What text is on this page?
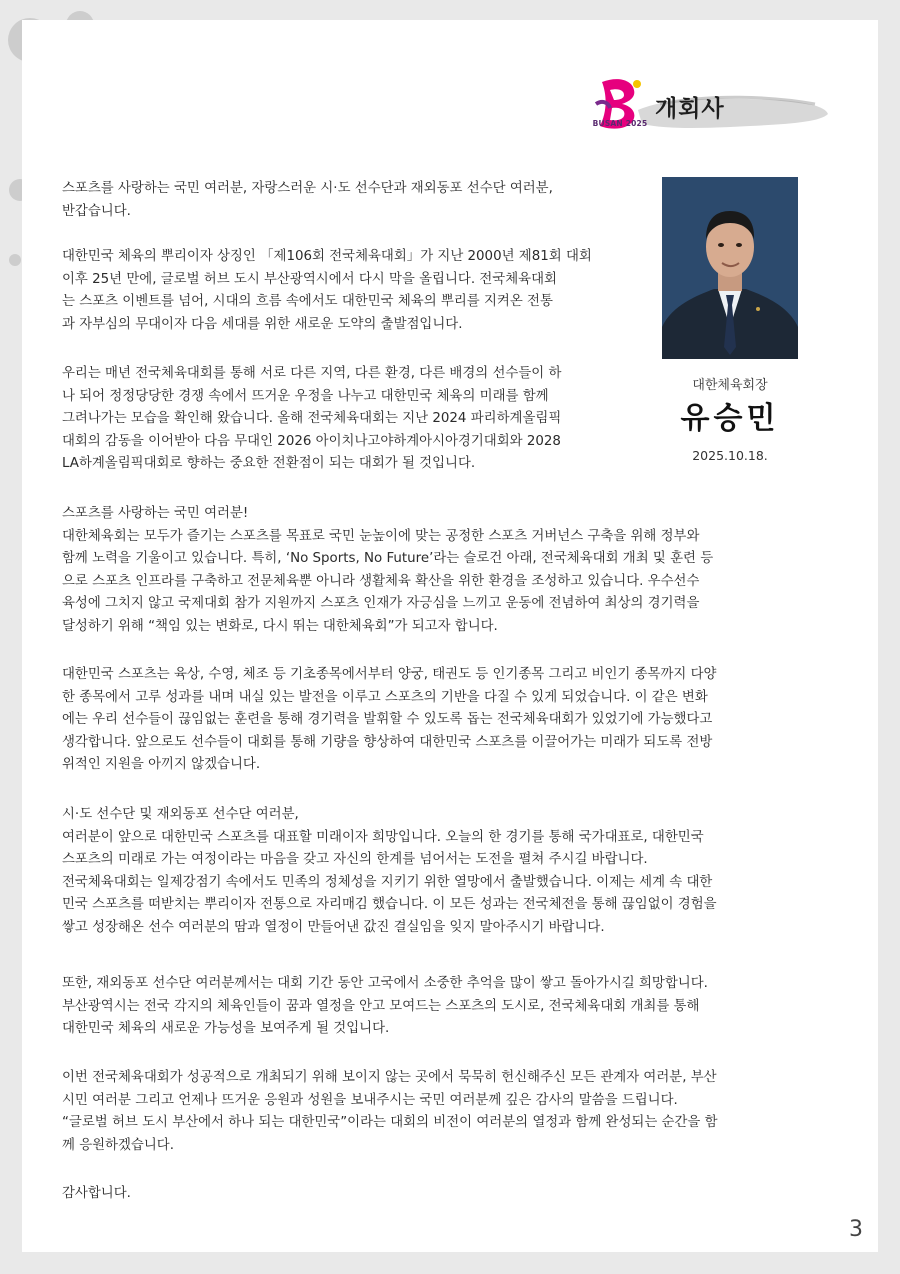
BUSAN 2025
개회사
대한체육회장
유승민
2025.10.18.

스포츠를 사랑하는 국민 여러분, 자랑스러운 시·도 선수단과 재외동포 선수단 여러분,
반갑습니다.

대한민국 체육의 뿌리이자 상징인 「제106회 전국체육대회」가 지난 2000년 제81회 대회
이후 25년 만에, 글로벌 허브 도시 부산광역시에서 다시 막을 올립니다. 전국체육대회
는 스포츠 이벤트를 넘어, 시대의 흐름 속에서도 대한민국 체육의 뿌리를 지켜온 전통
과 자부심의 무대이자 다음 세대를 위한 새로운 도약의 출발점입니다.

우리는 매년 전국체육대회를 통해 서로 다른 지역, 다른 환경, 다른 배경의 선수들이 하
나 되어 정정당당한 경쟁 속에서 뜨거운 우정을 나누고 대한민국 체육의 미래를 함께
그려나가는 모습을 확인해 왔습니다. 올해 전국체육대회는 지난 2024 파리하계올림픽
대회의 감동을 이어받아 다음 무대인 2026 아이치나고야하계아시아경기대회와 2028
LA하계올림픽대회로 향하는 중요한 전환점이 되는 대회가 될 것입니다.

스포츠를 사랑하는 국민 여러분!
대한체육회는 모두가 즐기는 스포츠를 목표로 국민 눈높이에 맞는 공정한 스포츠 거버넌스 구축을 위해 정부와
함께 노력을 기울이고 있습니다. 특히, ‘No Sports, No Future’라는 슬로건 아래, 전국체육대회 개최 및 훈련 등
으로 스포츠 인프라를 구축하고 전문체육뿐 아니라 생활체육 확산을 위한 환경을 조성하고 있습니다. 우수선수
육성에 그치지 않고 국제대회 참가 지원까지 스포츠 인재가 자긍심을 느끼고 운동에 전념하여 최상의 경기력을
달성하기 위해 “책임 있는 변화로, 다시 뛰는 대한체육회”가 되고자 합니다.

대한민국 스포츠는 육상, 수영, 체조 등 기초종목에서부터 양궁, 태권도 등 인기종목 그리고 비인기 종목까지 다양
한 종목에서 고루 성과를 내며 내실 있는 발전을 이루고 스포츠의 기반을 다질 수 있게 되었습니다. 이 같은 변화
에는 우리 선수들이 끊임없는 훈련을 통해 경기력을 발휘할 수 있도록 돕는 전국체육대회가 있었기에 가능했다고
생각합니다. 앞으로도 선수들이 대회를 통해 기량을 향상하여 대한민국 스포츠를 이끌어가는 미래가 되도록 전방
위적인 지원을 아끼지 않겠습니다.

시·도 선수단 및 재외동포 선수단 여러분,
여러분이 앞으로 대한민국 스포츠를 대표할 미래이자 희망입니다. 오늘의 한 경기를 통해 국가대표로, 대한민국
스포츠의 미래로 가는 여정이라는 마음을 갖고 자신의 한계를 넘어서는 도전을 펼쳐 주시길 바랍니다.
전국체육대회는 일제강점기 속에서도 민족의 정체성을 지키기 위한 열망에서 출발했습니다. 이제는 세계 속 대한
민국 스포츠를 떠받치는 뿌리이자 전통으로 자리매김 했습니다. 이 모든 성과는 전국체전을 통해 끊임없이 경험을
쌓고 성장해온 선수 여러분의 땀과 열정이 만들어낸 값진 결실임을 잊지 말아주시기 바랍니다.

또한, 재외동포 선수단 여러분께서는 대회 기간 동안 고국에서 소중한 추억을 많이 쌓고 돌아가시길 희망합니다.
부산광역시는 전국 각지의 체육인들이 꿈과 열정을 안고 모여드는 스포츠의 도시로, 전국체육대회 개최를 통해
대한민국 체육의 새로운 가능성을 보여주게 될 것입니다.

이번 전국체육대회가 성공적으로 개최되기 위해 보이지 않는 곳에서 묵묵히 헌신해주신 모든 관계자 여러분, 부산
시민 여러분 그리고 언제나 뜨거운 응원과 성원을 보내주시는 국민 여러분께 깊은 감사의 말씀을 드립니다.
“글로벌 허브 도시 부산에서 하나 되는 대한민국”이라는 대회의 비전이 여러분의 열정과 함께 완성되는 순간을 함
께 응원하겠습니다.

감사합니다.

3
